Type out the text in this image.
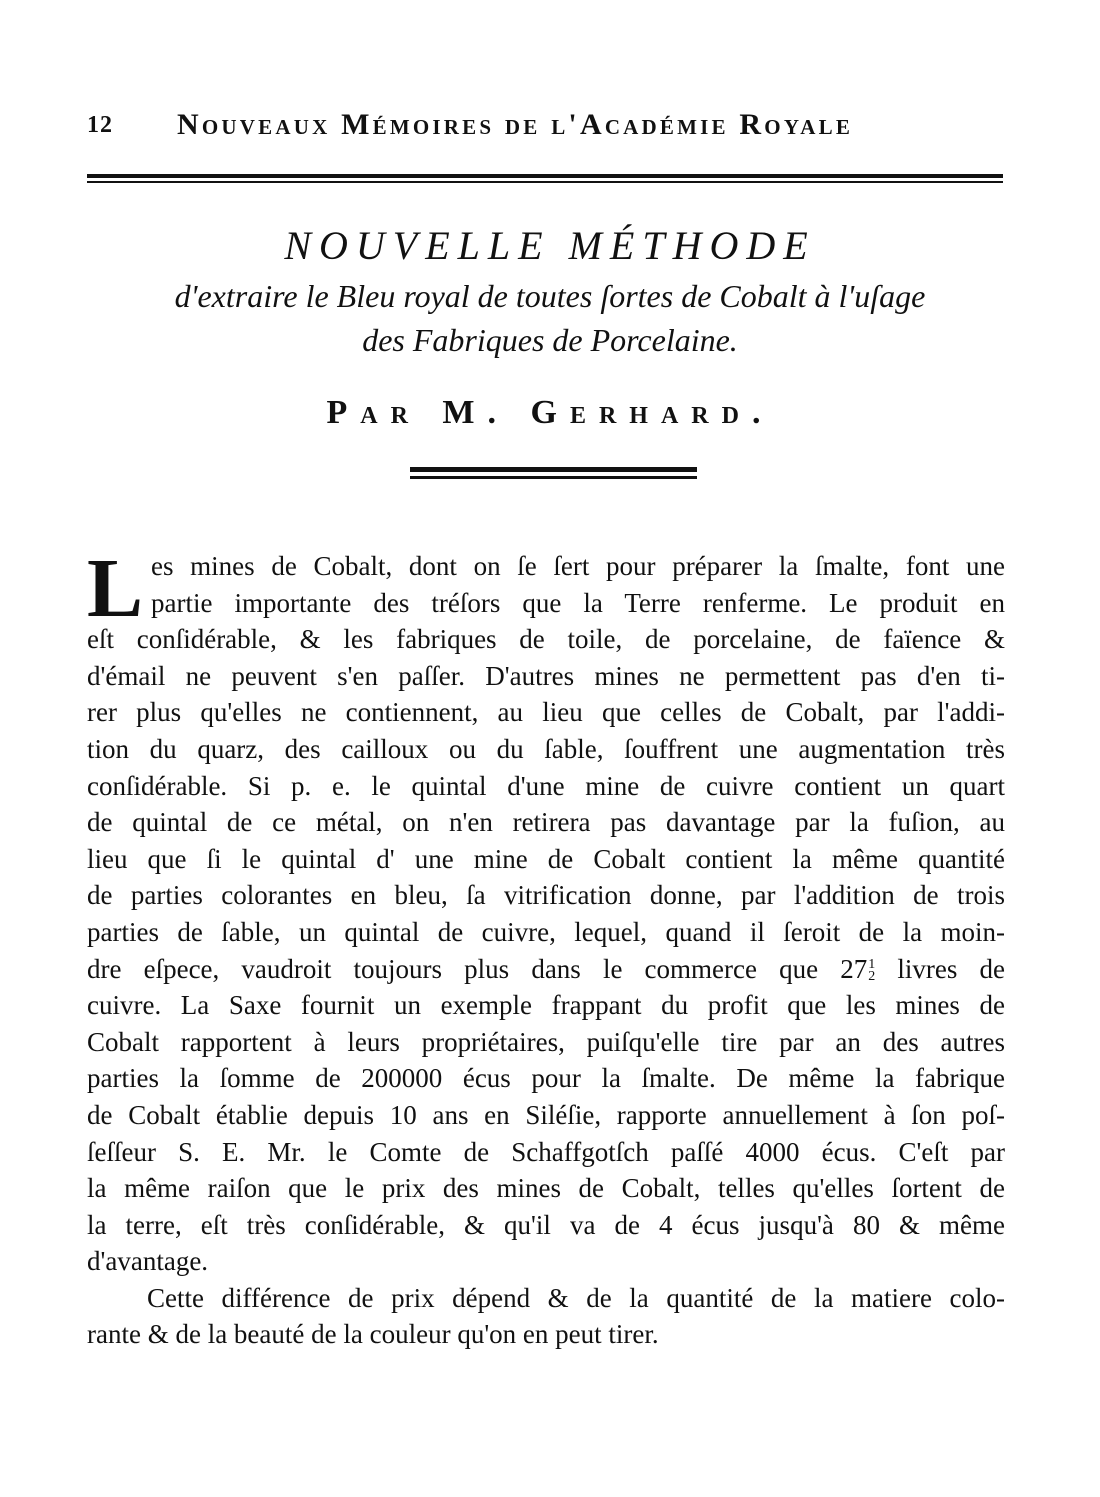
12 Nouveaux Mémoires de l'Académie Royale
NOUVELLE MÉTHODE
d'extraire le Bleu royal de toutes ſortes de Cobalt à l'uſage
des Fabriques de Porcelaine.
Par M. Gerhard.
L es mines de Cobalt, dont on ſe ſert pour préparer la ſmalte, font une
partie importante des tréſors que la Terre renferme. Le produit en
eſt conſidérable, & les fabriques de toile, de porcelaine, de faïence &
d'émail ne peuvent s'en paſſer. D'autres mines ne permettent pas d'en ti-
rer plus qu'elles ne contiennent, au lieu que celles de Cobalt, par l'addi-
tion du quarz, des cailloux ou du ſable, ſouffrent une augmentation très
conſidérable. Si p. e. le quintal d'une mine de cuivre contient un quart
de quintal de ce métal, on n'en retirera pas davantage par la fuſion, au
lieu que ſi le quintal d' une mine de Cobalt contient la même quantité
de parties colorantes en bleu, ſa vitrification donne, par l'addition de trois
parties de ſable, un quintal de cuivre, lequel, quand il ſeroit de la moin-
dre eſpece, vaudroit toujours plus dans le commerce que 27 1
2 livres de
cuivre. La Saxe fournit un exemple frappant du profit que les mines de
Cobalt rapportent à leurs propriétaires, puiſqu'elle tire par an des autres
parties la ſomme de 200000 écus pour la ſmalte. De même la fabrique
de Cobalt établie depuis 10 ans en Siléſie, rapporte annuellement à ſon poſ-
ſeſſeur S. E. Mr. le Comte de Schaffgotſch paſſé 4000 écus. C'eſt par
la même raiſon que le prix des mines de Cobalt, telles qu'elles ſortent de
la terre, eſt très conſidérable, & qu'il va de 4 écus jusqu'à 80 & même
d'avantage.
Cette différence de prix dépend & de la quantité de la matiere colo-
rante & de la beauté de la couleur qu'on en peut tirer.
